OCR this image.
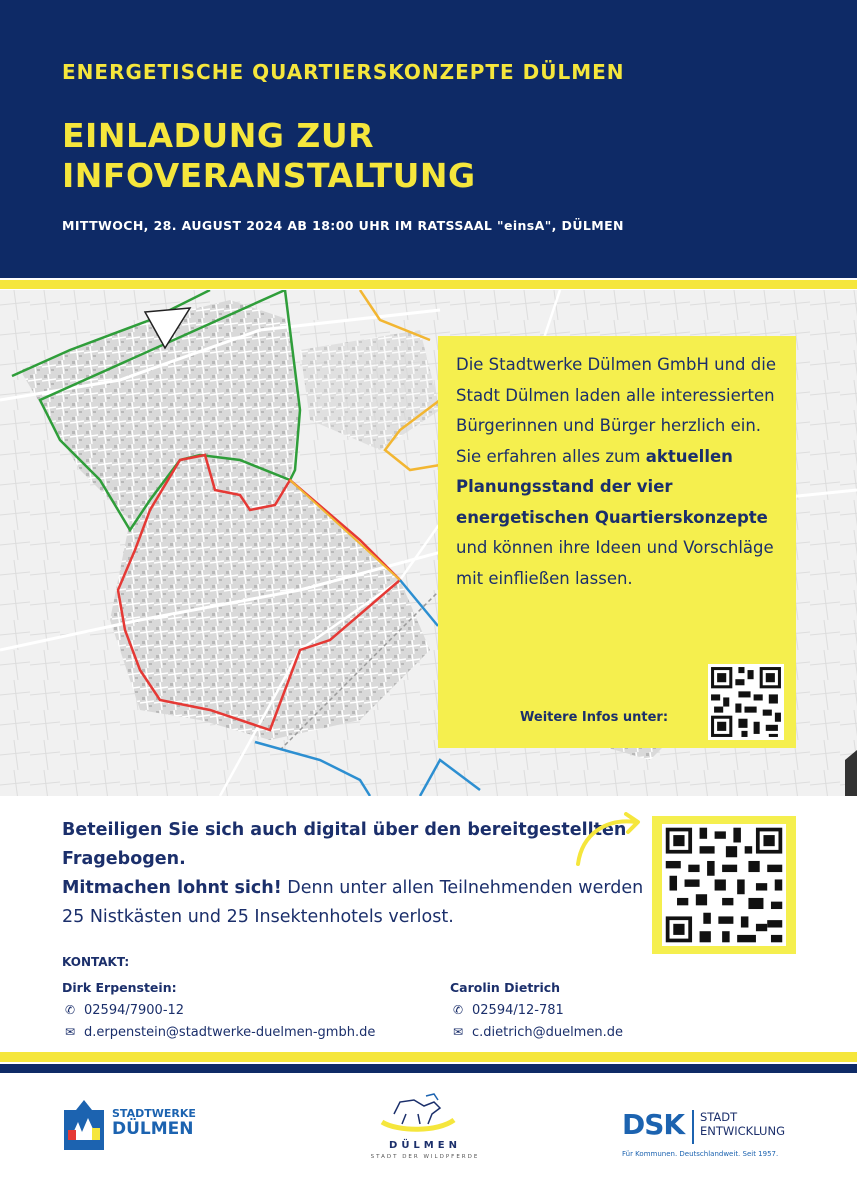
ENERGETISCHE QUARTIERSKONZEPTE DÜLMEN
EINLADUNG ZUR INFOVERANSTALTUNG
MITTWOCH, 28. AUGUST 2024 AB 18:00 UHR IM RATSSAAL "einsA", DÜLMEN
Die Stadtwerke Dülmen GmbH und die Stadt Dülmen laden alle interessierten Bürgerinnen und Bürger herzlich ein. Sie erfahren alles zum aktuellen Planungsstand der vier energetischen Quartierskonzepte und können ihre Ideen und Vorschläge mit einfließen lassen.
Weitere Infos unter:
Beteiligen Sie sich auch digital über den bereitgestellten Fragebogen.
Mitmachen lohnt sich! Denn unter allen Teilnehmenden werden 25 Nistkästen und 25 Insektenhotels verlost.
KONTAKT:
Dirk Erpenstein:
✆ 02594/7900-12
✉ d.erpenstein@stadtwerke-duelmen-gmbh.de
Carolin Dietrich
✆ 02594/12-781
✉ c.dietrich@duelmen.de
STADTWERKE
DÜLMEN
DÜLMEN
STADT DER WILDPFERDE
DSK STADT
ENTWICKLUNG
Für Kommunen. Deutschlandweit. Seit 1957.
